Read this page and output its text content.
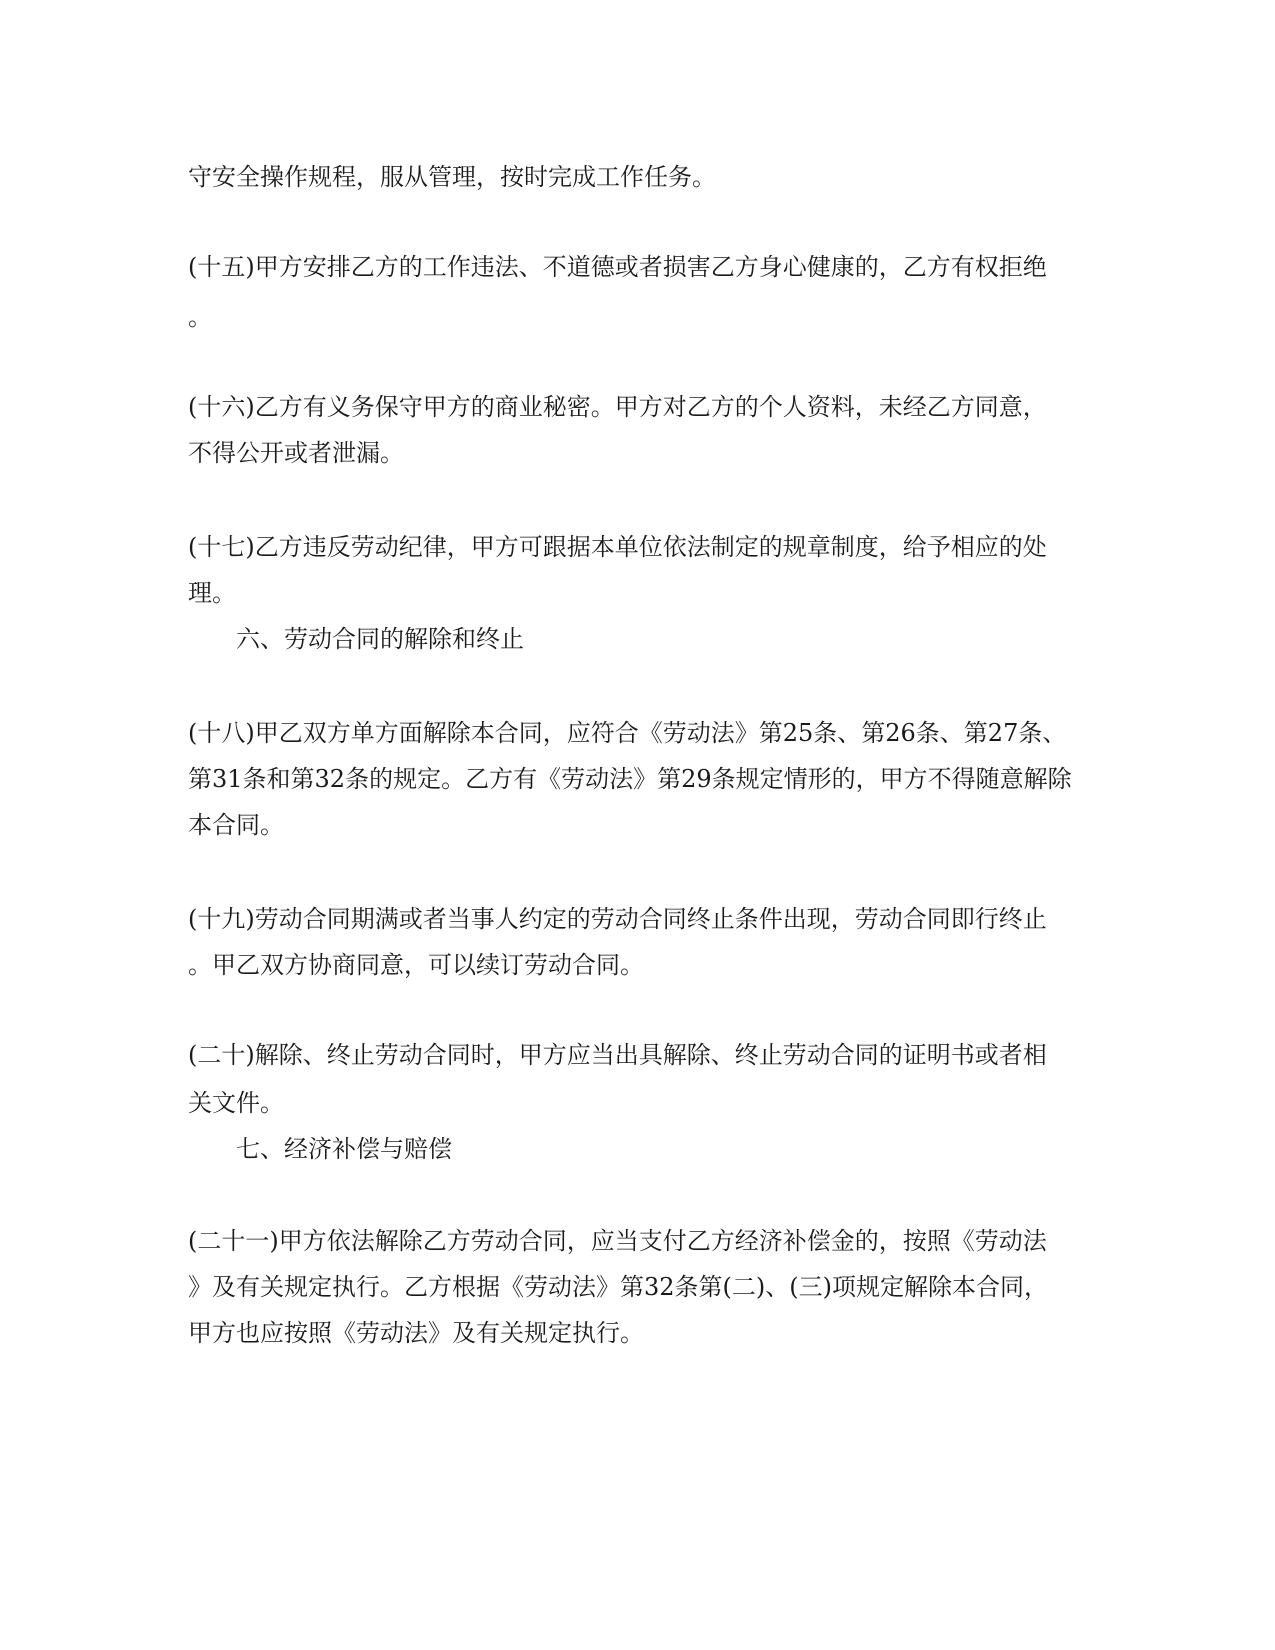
守安全操作规程，服从管理，按时完成工作任务。
(十五)甲方安排乙方的工作违法、不道德或者损害乙方身心健康的，乙方有权拒绝
。
(十六)乙方有义务保守甲方的商业秘密。甲方对乙方的个人资料，未经乙方同意，
不得公开或者泄漏。
(十七)乙方违反劳动纪律，甲方可跟据本单位依法制定的规章制度，给予相应的处
理。
六、劳动合同的解除和终止
(十八)甲乙双方单方面解除本合同，应符合《劳动法》第25条、第26条、第27条、
第31条和第32条的规定。乙方有《劳动法》第29条规定情形的，甲方不得随意解除
本合同。
(十九)劳动合同期满或者当事人约定的劳动合同终止条件出现，劳动合同即行终止
。甲乙双方协商同意，可以续订劳动合同。
(二十)解除、终止劳动合同时，甲方应当出具解除、终止劳动合同的证明书或者相
关文件。
七、经济补偿与赔偿
(二十一)甲方依法解除乙方劳动合同，应当支付乙方经济补偿金的，按照《劳动法
》及有关规定执行。乙方根据《劳动法》第32条第(二)、(三)项规定解除本合同，
甲方也应按照《劳动法》及有关规定执行。
